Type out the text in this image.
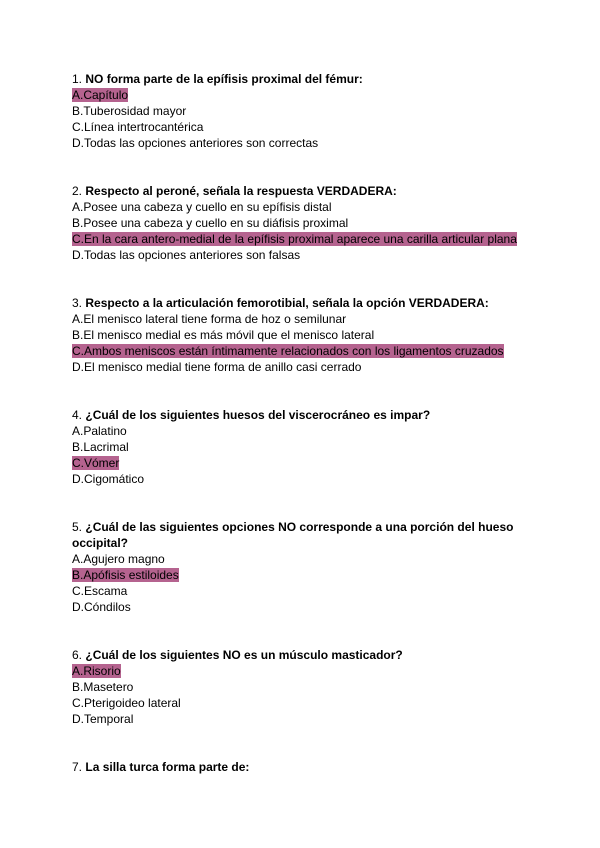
1. NO forma parte de la epífisis proximal del fémur:

A.Capítulo

B.Tuberosidad mayor

C.Línea intertrocantérica

D.Todas las opciones anteriores son correctas

2. Respecto al peroné, señala la respuesta VERDADERA:

A.Posee una cabeza y cuello en su epífisis distal

B.Posee una cabeza y cuello en su diáfisis proximal

C.En la cara antero-medial de la epífisis proximal aparece una carilla articular plana

D.Todas las opciones anteriores son falsas

3. Respecto a la articulación femorotibial, señala la opción VERDADERA:

A.El menisco lateral tiene forma de hoz o semilunar

B.El menisco medial es más móvil que el menisco lateral

C.Ambos meniscos están íntimamente relacionados con los ligamentos cruzados

D.El menisco medial tiene forma de anillo casi cerrado

4. ¿Cuál de los siguientes huesos del viscerocráneo es impar?

A.Palatino

B.Lacrimal

C.Vómer

D.Cigomático

5. ¿Cuál de las siguientes opciones NO corresponde a una porción del hueso occipital?

A.Agujero magno

B.Apófisis estiloides

C.Escama

D.Cóndilos

6. ¿Cuál de los siguientes NO es un músculo masticador?

A.Risorio

B.Masetero

C.Pterigoideo lateral

D.Temporal

7. La silla turca forma parte de:
